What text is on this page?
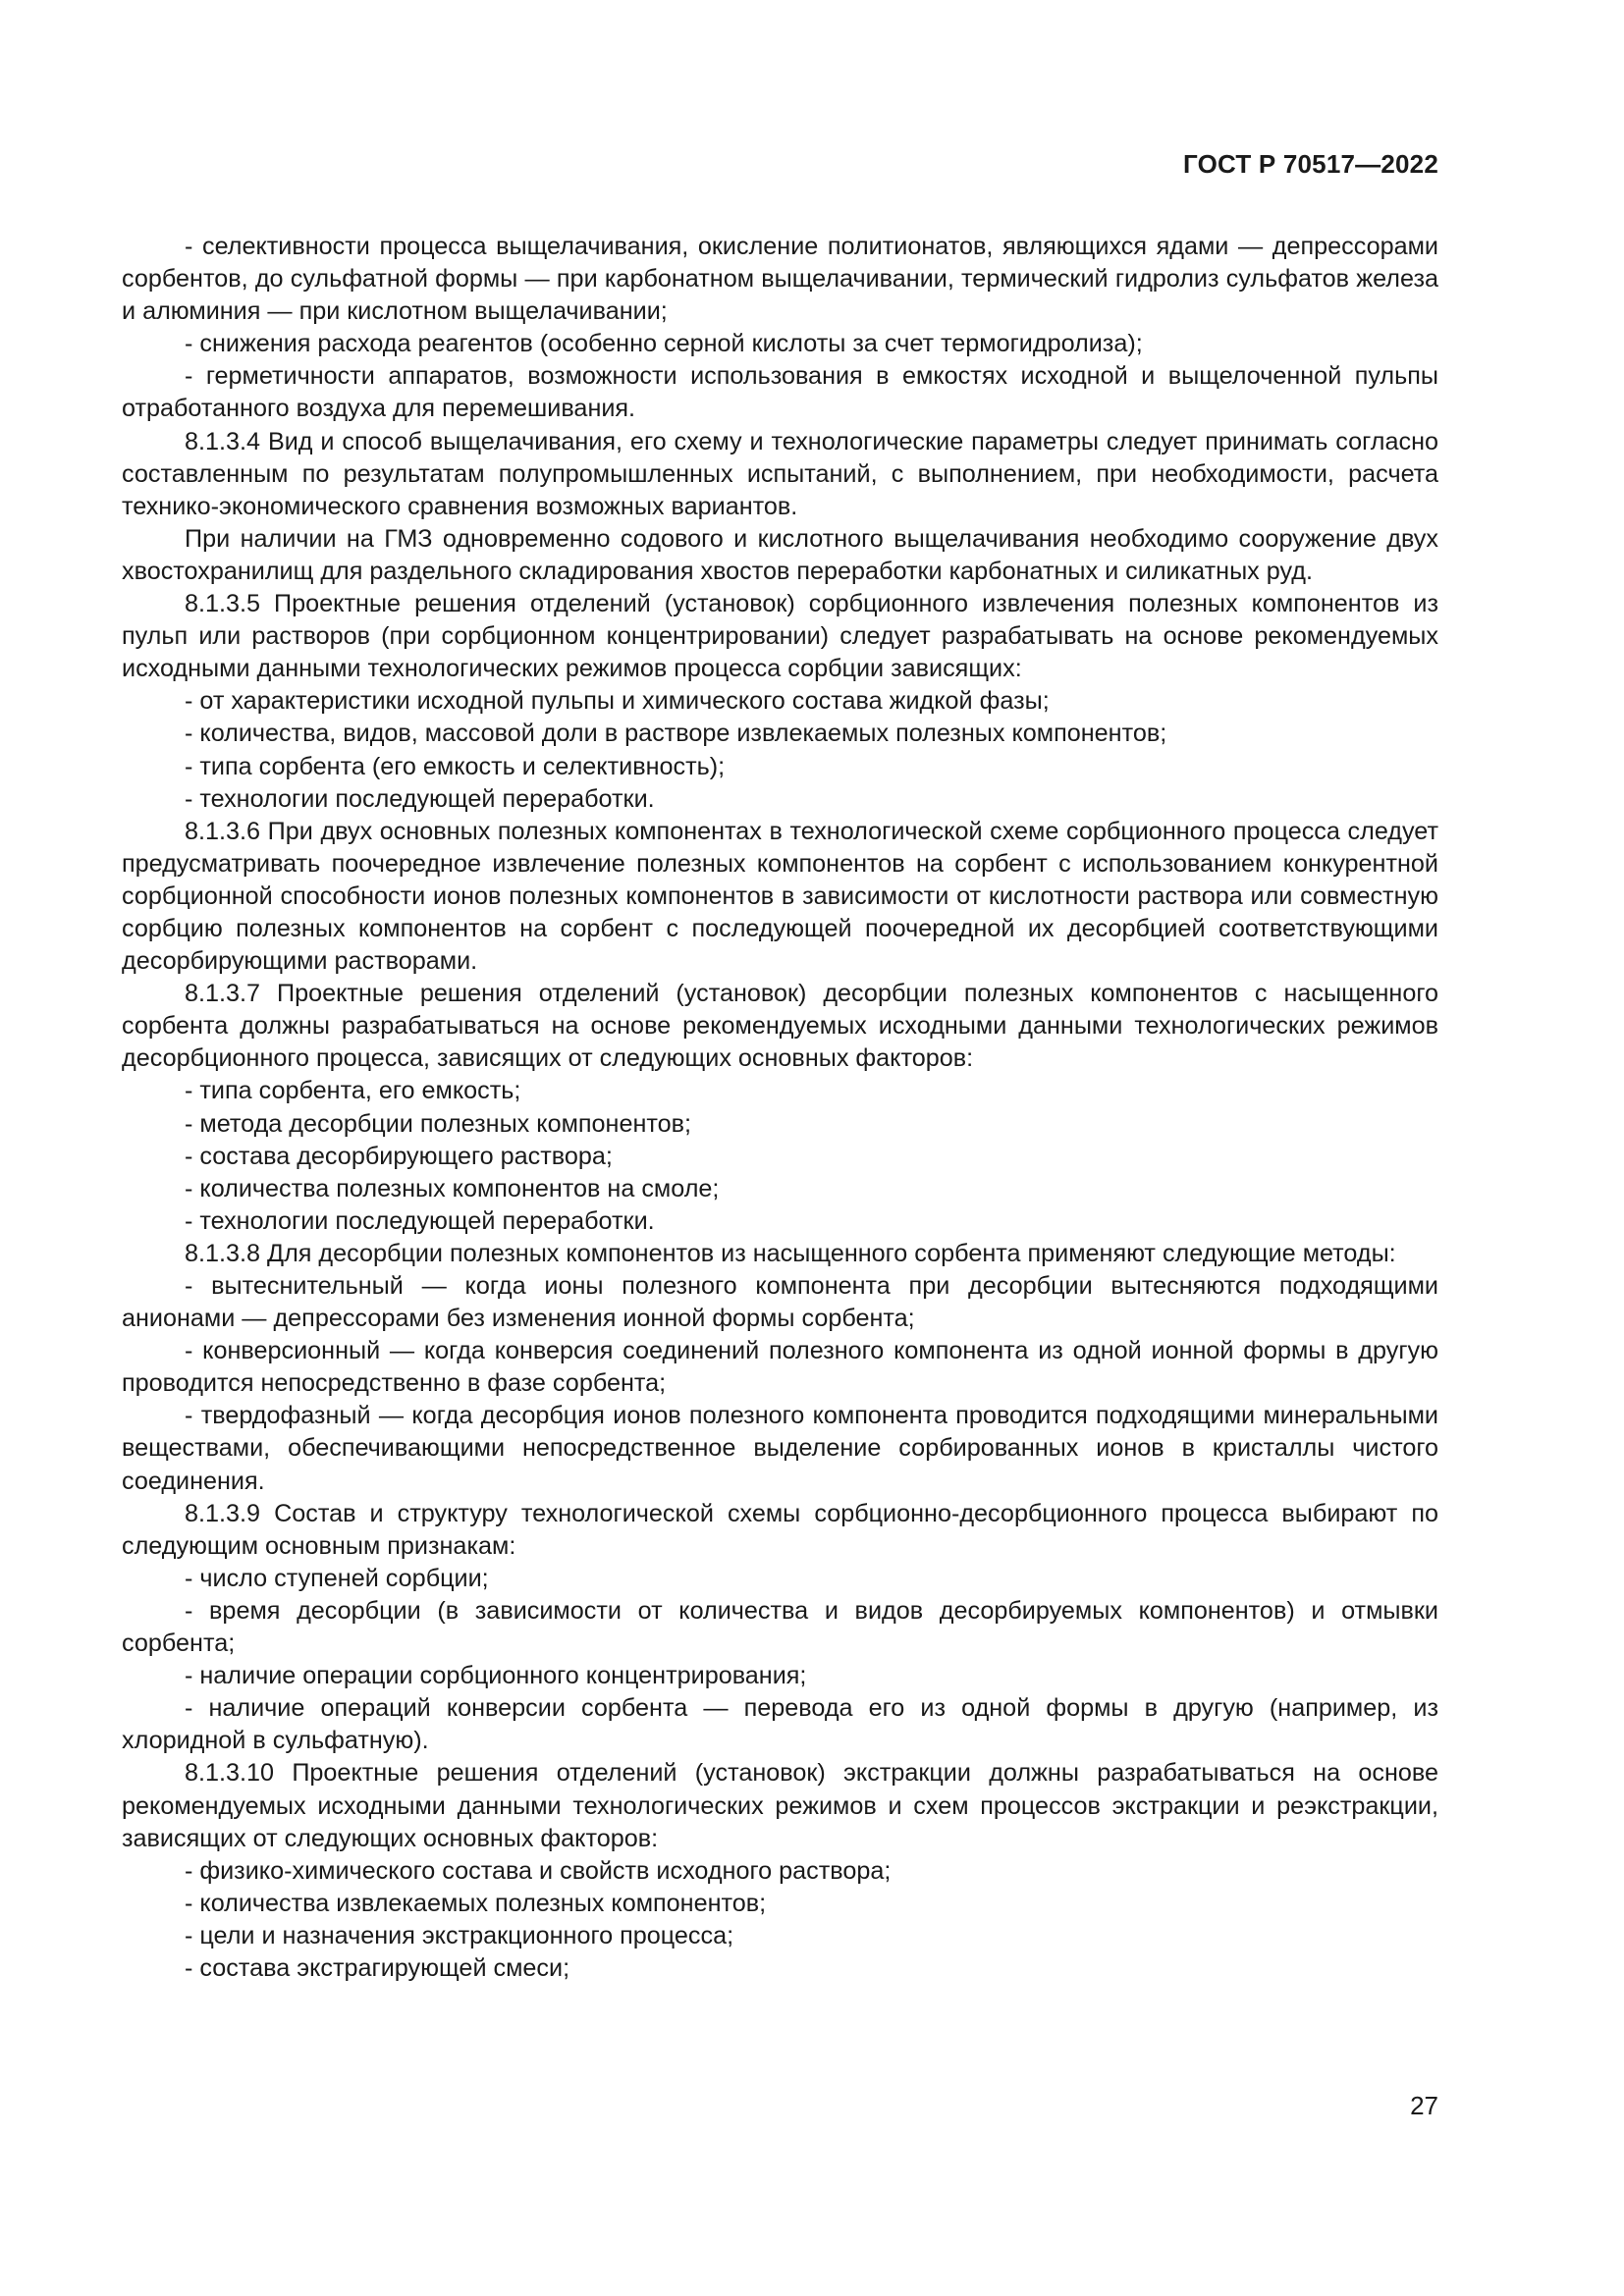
ГОСТ Р 70517—2022

- селективности процесса выщелачивания, окисление политионатов, являющихся ядами — депрессорами сорбентов, до сульфатной формы — при карбонатном выщелачивании, термический гидролиз сульфатов железа и алюминия — при кислотном выщелачивании;

- снижения расхода реагентов (особенно серной кислоты за счет термогидролиза);

- герметичности аппаратов, возможности использования в емкостях исходной и выщелоченной пульпы отработанного воздуха для перемешивания.

8.1.3.4 Вид и способ выщелачивания, его схему и технологические параметры следует принимать согласно составленным по результатам полупромышленных испытаний, с выполнением, при необходимости, расчета технико-экономического сравнения возможных вариантов.

При наличии на ГМЗ одновременно содового и кислотного выщелачивания необходимо сооружение двух хвостохранилищ для раздельного складирования хвостов переработки карбонатных и силикатных руд.

8.1.3.5 Проектные решения отделений (установок) сорбционного извлечения полезных компонентов из пульп или растворов (при сорбционном концентрировании) следует разрабатывать на основе рекомендуемых исходными данными технологических режимов процесса сорбции зависящих:

- от характеристики исходной пульпы и химического состава жидкой фазы;

- количества, видов, массовой доли в растворе извлекаемых полезных компонентов;

- типа сорбента (его емкость и селективность);

- технологии последующей переработки.

8.1.3.6 При двух основных полезных компонентах в технологической схеме сорбционного процесса следует предусматривать поочередное извлечение полезных компонентов на сорбент с использованием конкурентной сорбционной способности ионов полезных компонентов в зависимости от кислотности раствора или совместную сорбцию полезных компонентов на сорбент с последующей поочередной их десорбцией соответствующими десорбирующими растворами.

8.1.3.7 Проектные решения отделений (установок) десорбции полезных компонентов с насыщенного сорбента должны разрабатываться на основе рекомендуемых исходными данными технологических режимов десорбционного процесса, зависящих от следующих основных факторов:

- типа сорбента, его емкость;

- метода десорбции полезных компонентов;

- состава десорбирующего раствора;

- количества полезных компонентов на смоле;

- технологии последующей переработки.

8.1.3.8 Для десорбции полезных компонентов из насыщенного сорбента применяют следующие методы:

- вытеснительный — когда ионы полезного компонента при десорбции вытесняются подходящими анионами — депрессорами без изменения ионной формы сорбента;

- конверсионный — когда конверсия соединений полезного компонента из одной ионной формы в другую проводится непосредственно в фазе сорбента;

- твердофазный — когда десорбция ионов полезного компонента проводится подходящими минеральными веществами, обеспечивающими непосредственное выделение сорбированных ионов в кристаллы чистого соединения.

8.1.3.9 Состав и структуру технологической схемы сорбционно-десорбционного процесса выбирают по следующим основным признакам:

- число ступеней сорбции;

- время десорбции (в зависимости от количества и видов десорбируемых компонентов) и отмывки сорбента;

- наличие операции сорбционного концентрирования;

- наличие операций конверсии сорбента — перевода его из одной формы в другую (например, из хлоридной в сульфатную).

8.1.3.10 Проектные решения отделений (установок) экстракции должны разрабатываться на основе рекомендуемых исходными данными технологических режимов и схем процессов экстракции и реэкстракции, зависящих от следующих основных факторов:

- физико-химического состава и свойств исходного раствора;

- количества извлекаемых полезных компонентов;

- цели и назначения экстракционного процесса;

- состава экстрагирующей смеси;

27
